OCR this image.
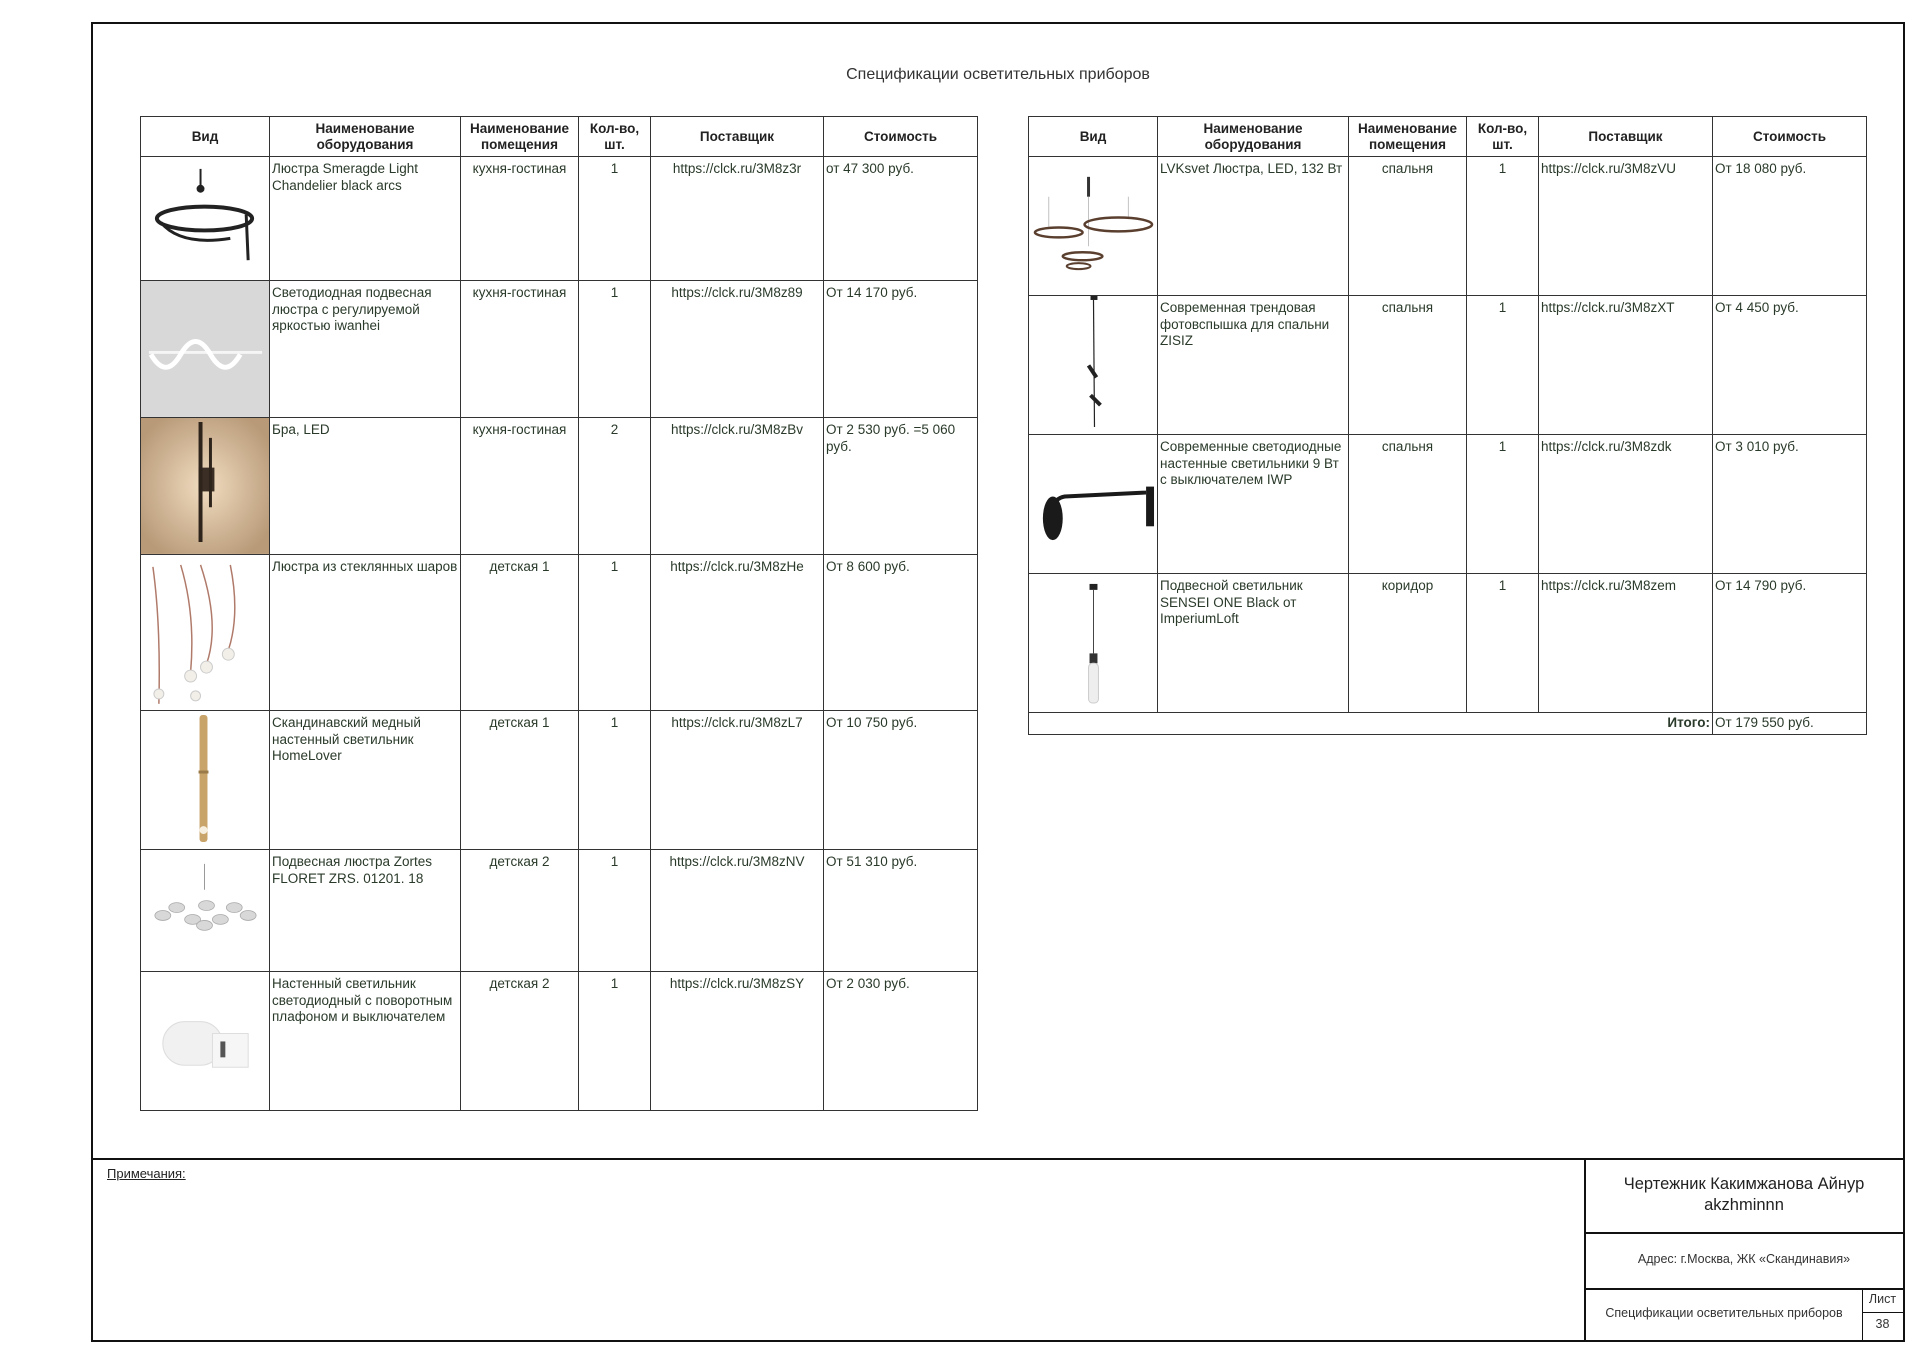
Спецификации осветительных приборов
Вид	Наименование оборудования	Наименование помещения	Кол-во, шт.	Поставщик	Стоимость

	Люстра Smeragde Light Chandelier black arcs	кухня-гостиная	1	https://clck.ru/3M8z3r	от 47 300 руб.

	Светодиодная подвесная люстра с регулируемой яркостью iwanhei	кухня-гостиная	1	https://clck.ru/3M8z89	От 14 170 руб.

	Бра, LED	кухня-гостиная	2	https://clck.ru/3M8zBv	От 2 530 руб. =5 060 руб.

	Люстра из стеклянных шаров	детская 1	1	https://clck.ru/3M8zHe	От 8 600 руб.

	Скандинавский медный настенный светильник HomeLover	детская 1	1	https://clck.ru/3M8zL7	От 10 750 руб.

	Подвесная люстра Zortes FLORET ZRS. 01201. 18	детская 2	1	https://clck.ru/3M8zNV	От 51 310 руб.

	Настенный светильник светодиодный с поворотным плафоном и выключателем	детская 2	1	https://clck.ru/3M8zSY	От 2 030 руб.
Вид	Наименование оборудования	Наименование помещения	Кол-во, шт.	Поставщик	Стоимость

	LVKsvet Люстра, LED, 132 Вт	спальня	1	https://clck.ru/3M8zVU	От 18 080 руб.

	Современная трендовая фотовспышка для спальни ZISIZ	спальня	1	https://clck.ru/3M8zXT	От 4 450 руб.

	Современные светодиодные настенные светильники 9 Вт с выключателем IWP	спальня	1	https://clck.ru/3M8zdk	От 3 010 руб.

	Подвесной светильник SENSEI ONE Black от ImperiumLoft	коридор	1	https://clck.ru/3M8zem	От 14 790 руб.
Итого:					От 179 550 руб.
Примечания:
Чертежник Какимжанова Айнур akzhminnn
Адрес: г.Москва, ЖК «Скандинавия»
Спецификации осветительных приборов
Лист
38
